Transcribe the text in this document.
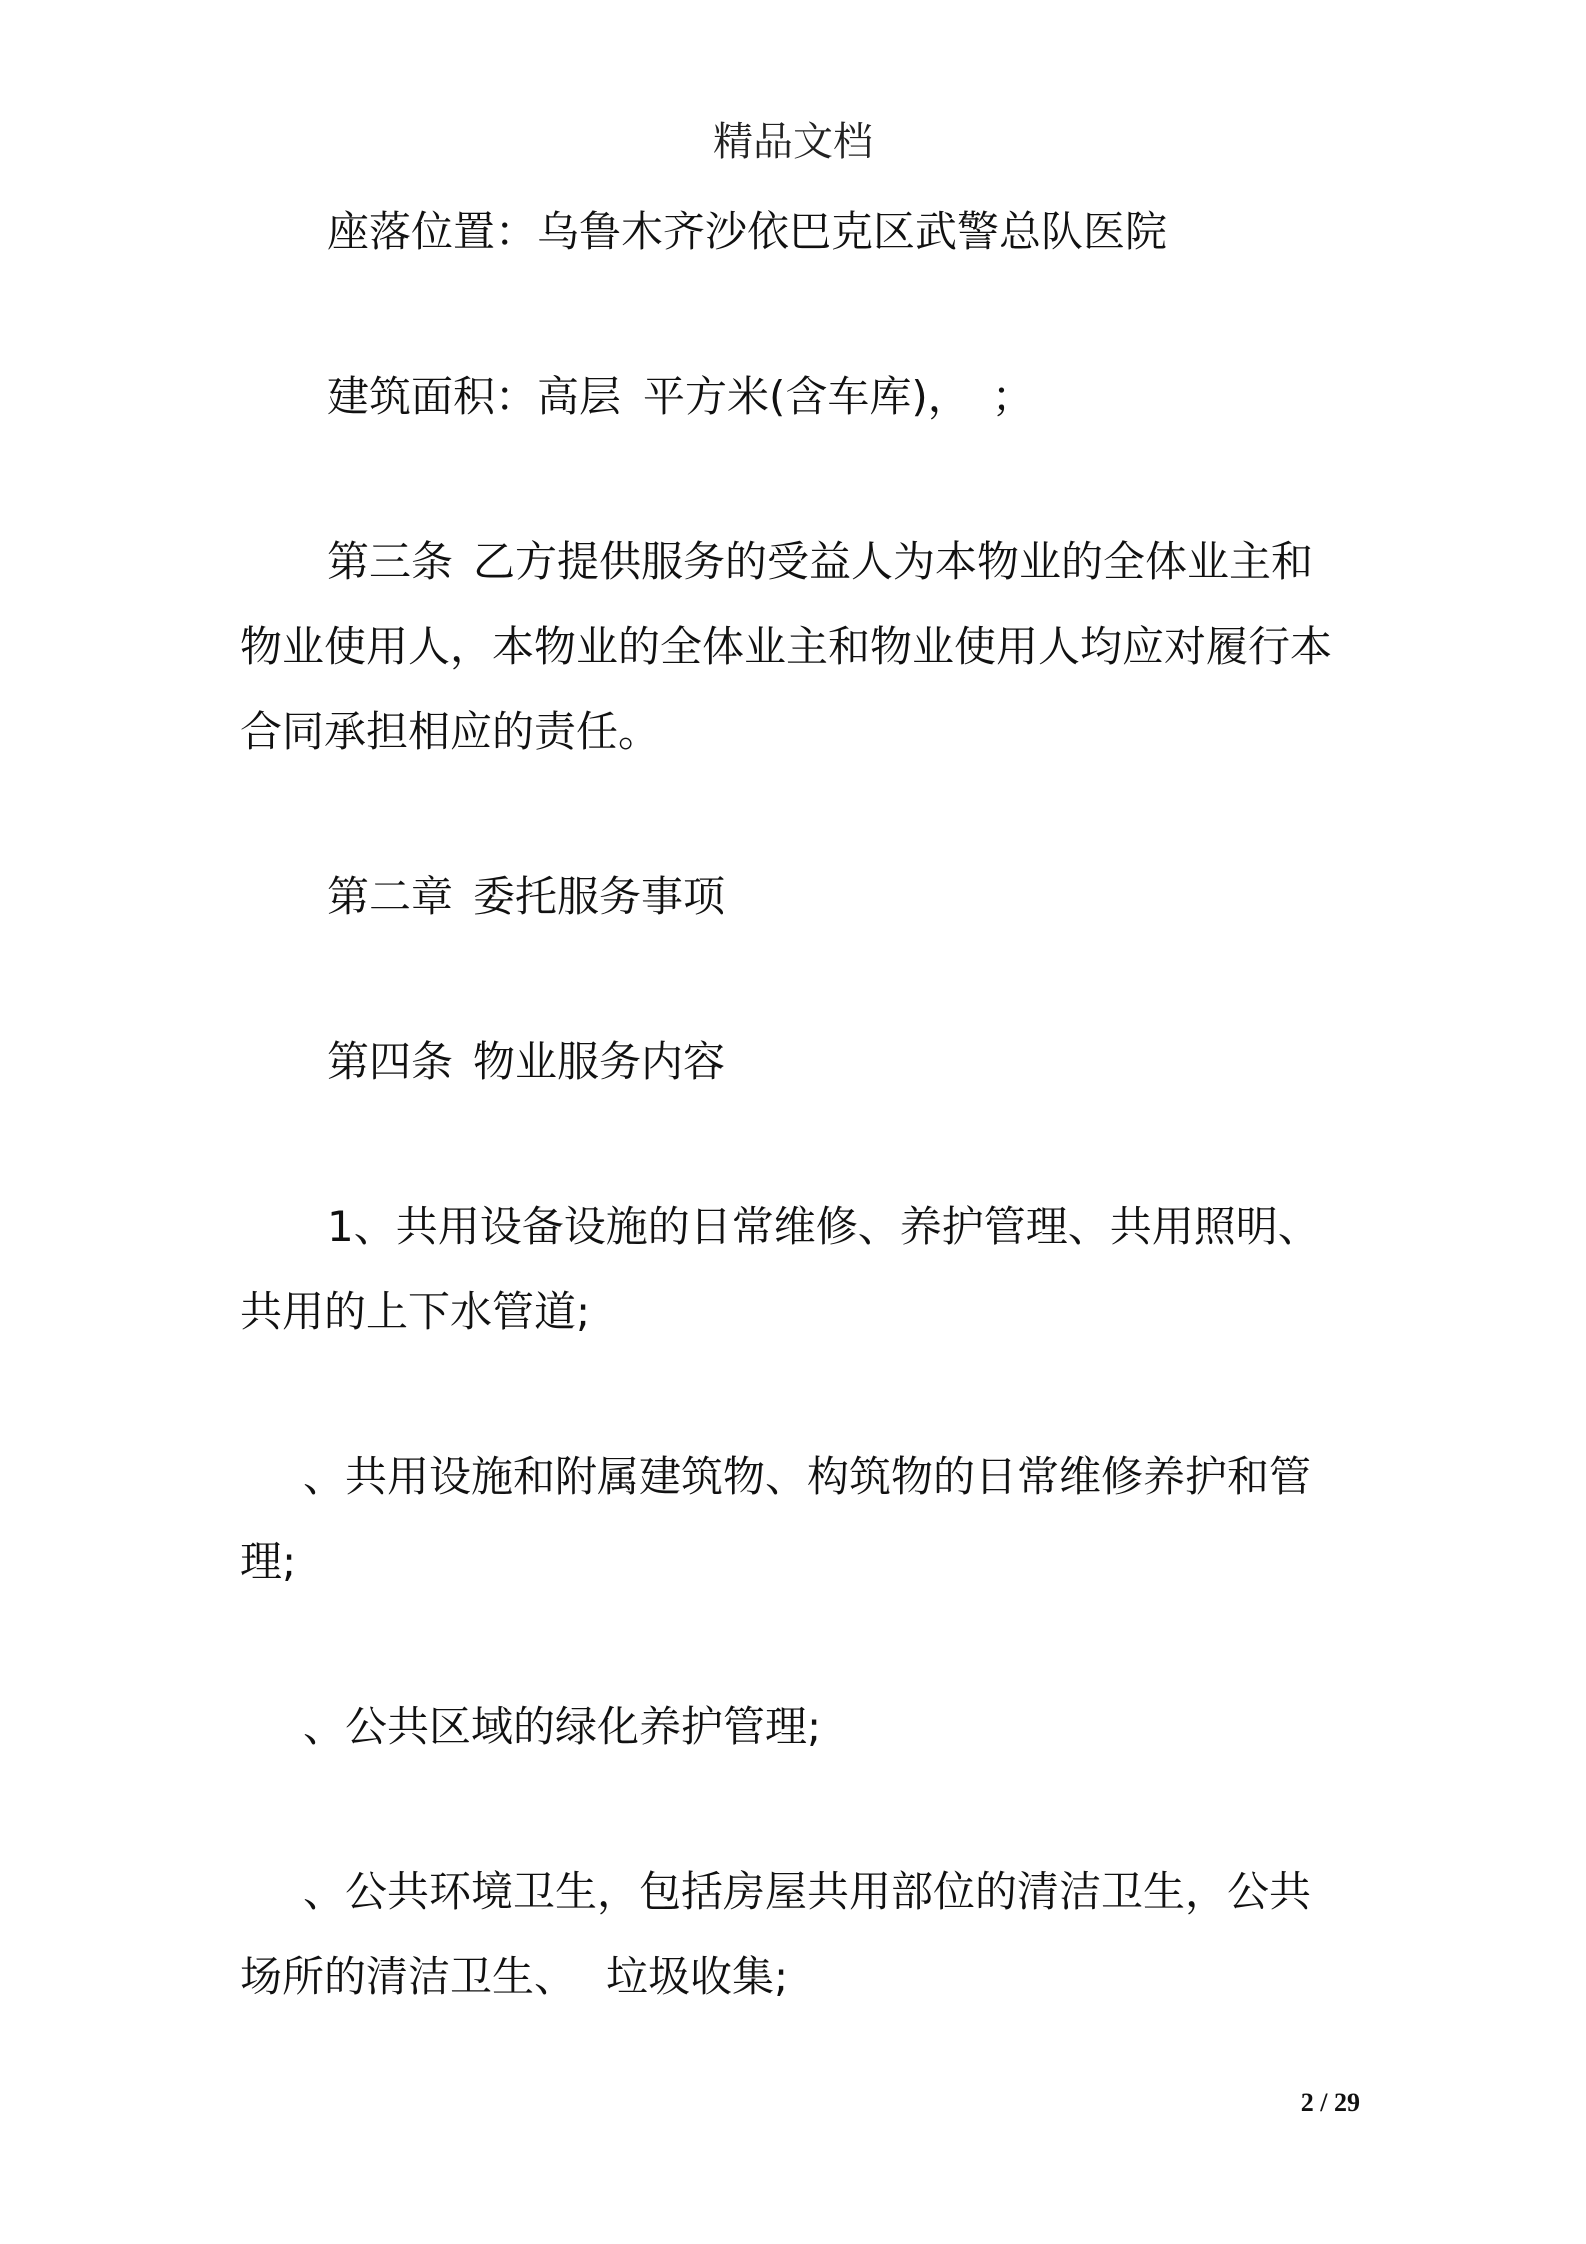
精品文档
座落位置：乌鲁木齐沙依巴克区武警总队医院
建筑面积：高层 平方米(含车库)， ；
第三条 乙方提供服务的受益人为本物业的全体业主和
物业使用人，本物业的全体业主和物业使用人均应对履行本
合同承担相应的责任。
第二章 委托服务事项
第四条 物业服务内容
1、共用设备设施的日常维修、养护管理、共用照明、
共用的上下水管道;
、共用设施和附属建筑物、构筑物的日常维修养护和管
理;
、公共区域的绿化养护管理;
、公共环境卫生，包括房屋共用部位的清洁卫生，公共
场所的清洁卫生、 垃圾收集;
2 / 29
